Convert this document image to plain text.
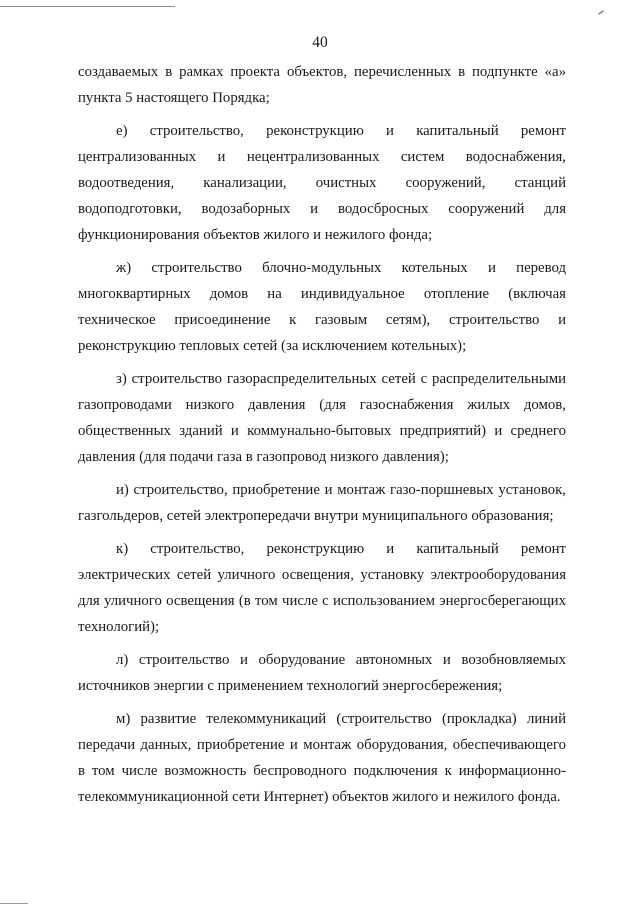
40

создаваемых в рамках проекта объектов, перечисленных в подпункте «а» пункта 5 настоящего Порядка;

е) строительство, реконструкцию и капитальный ремонт централизованных и нецентрализованных систем водоснабжения, водоотведения, канализации, очистных сооружений, станций водоподготовки, водозаборных и водосбросных сооружений для функционирования объектов жилого и нежилого фонда;

ж) строительство блочно-модульных котельных и перевод многоквартирных домов на индивидуальное отопление (включая техническое присоединение к газовым сетям), строительство и реконструкцию тепловых сетей (за исключением котельных);

з) строительство газораспределительных сетей с распределительными газопроводами низкого давления (для газоснабжения жилых домов, общественных зданий и коммунально-бытовых предприятий) и среднего давления (для подачи газа в газопровод низкого давления);

и) строительство, приобретение и монтаж газо-поршневых установок, газгольдеров, сетей электропередачи внутри муниципального образования;

к) строительство, реконструкцию и капитальный ремонт электрических сетей уличного освещения, установку электрооборудования для уличного освещения (в том числе с использованием энергосберегающих технологий);

л) строительство и оборудование автономных и возобновляемых источников энергии с применением технологий энергосбережения;

м) развитие телекоммуникаций (строительство (прокладка) линий передачи данных, приобретение и монтаж оборудования, обеспечивающего в том числе возможность беспроводного подключения к информационно-телекоммуникационной сети Интернет) объектов жилого и нежилого фонда.
